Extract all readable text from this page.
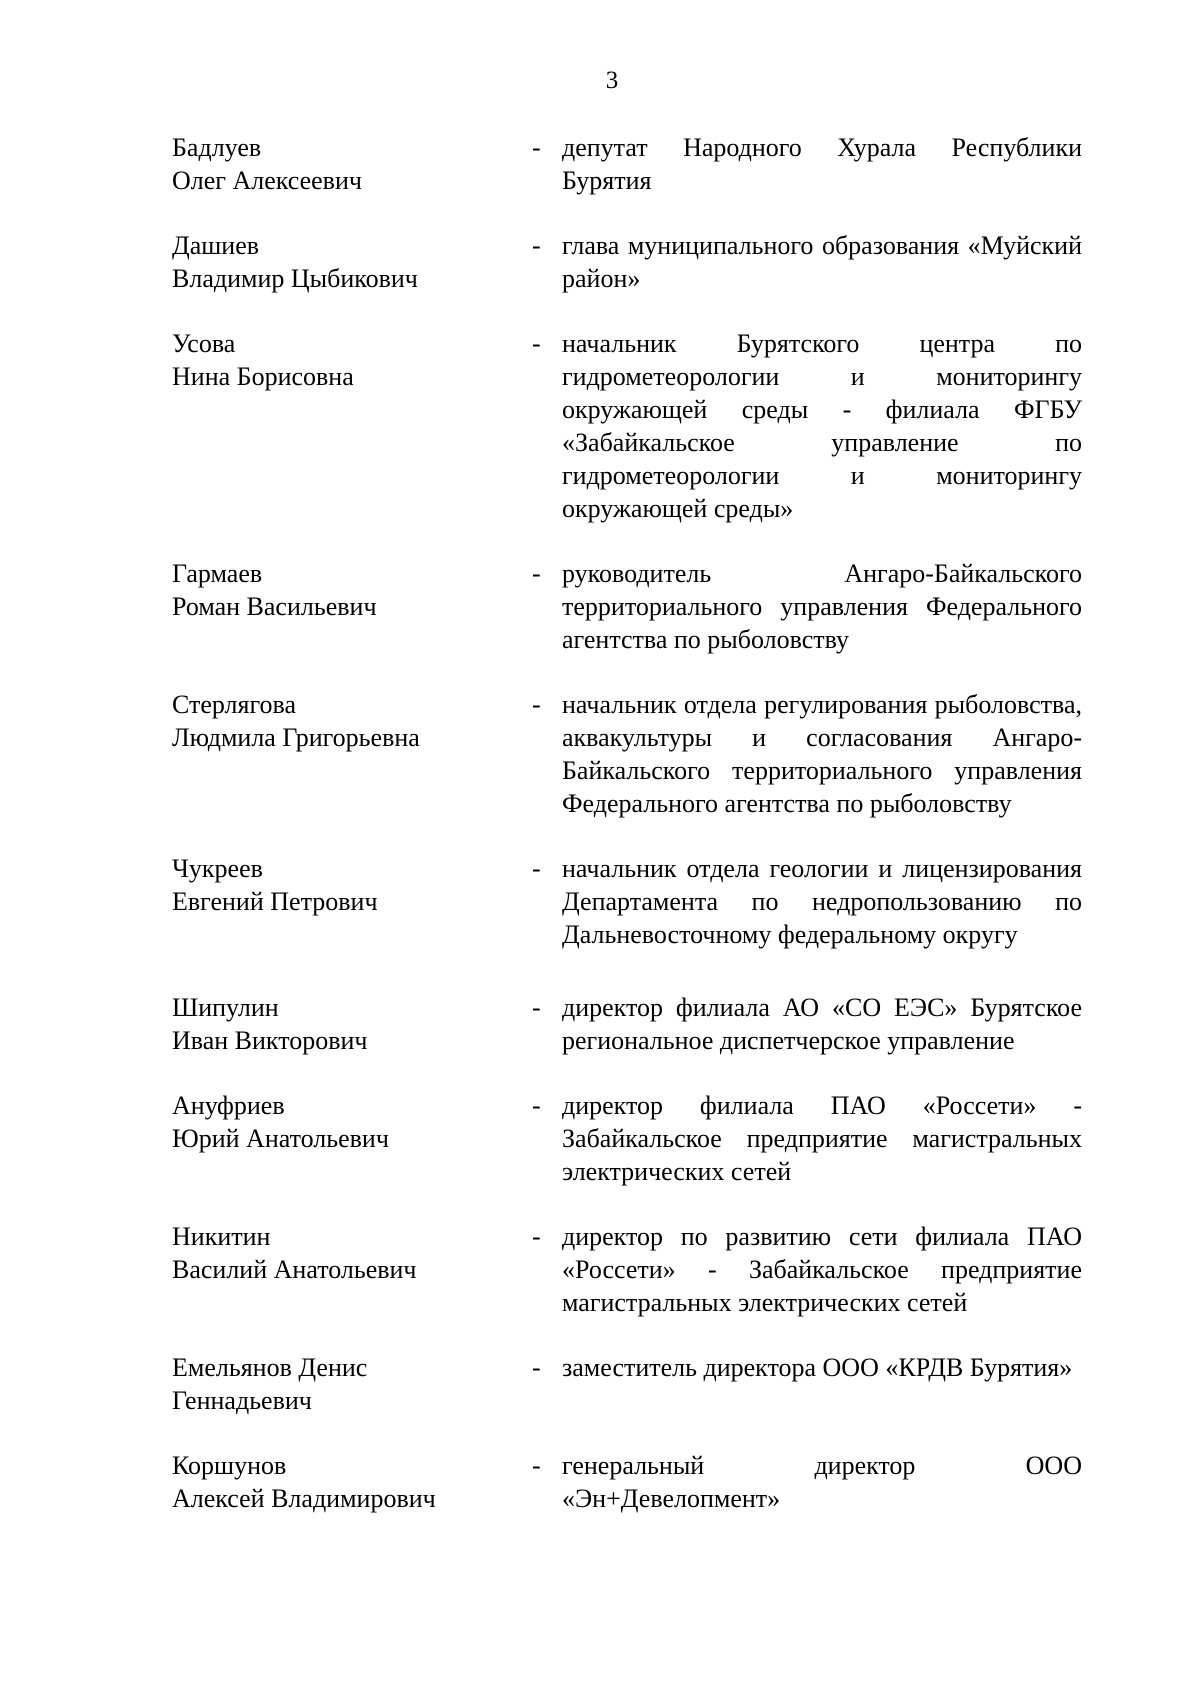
3
Бадлуев
Олег Алексеевич
- депутат Народного Хурала Республики Бурятия
Дашиев
Владимир Цыбикович
- глава муниципального образования «Муйский район»
Усова
Нина Борисовна
- начальник Бурятского центра по гидрометеорологии и мониторингу окружающей среды - филиала ФГБУ «Забайкальское управление по гидрометеорологии и мониторингу окружающей среды»
Гармаев
Роман Васильевич
- руководитель Ангаро-Байкальского территориального управления Федерального агентства по рыболовству
Стерлягова
Людмила Григорьевна
- начальник отдела регулирования рыболовства, аквакультуры и согласования Ангаро-Байкальского территориального управления Федерального агентства по рыболовству
Чукреев
Евгений Петрович
- начальник отдела геологии и лицензирования Департамента по недропользованию по Дальневосточному федеральному округу
Шипулин
Иван Викторович
- директор филиала АО «СО ЕЭС» Бурятское региональное диспетчерское управление
Ануфриев
Юрий Анатольевич
- директор филиала ПАО «Россети» - Забайкальское предприятие магистральных электрических сетей
Никитин
Василий Анатольевич
- директор по развитию сети филиала ПАО «Россети» - Забайкальское предприятие магистральных электрических сетей
Емельянов Денис
Геннадьевич
- заместитель директора ООО «КРДВ Бурятия»
Коршунов
Алексей Владимирович
- генеральный директор ООО «Эн+Девелопмент»
